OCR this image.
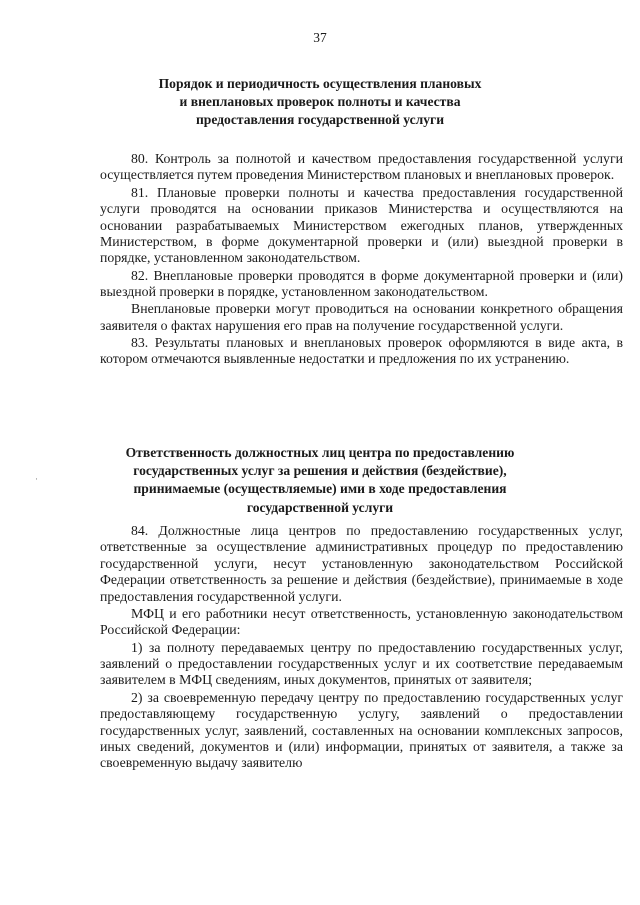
37
Порядок и периодичность осуществления плановых
и внеплановых проверок полноты и качества
предоставления государственной услуги

80. Контроль за полнотой и качеством предоставления государственной услуги осуществляется путем проведения Министерством плановых и внеплановых проверок.

81. Плановые проверки полноты и качества предоставления государственной услуги проводятся на основании приказов Министерства и осуществляются на основании разрабатываемых Министерством ежегодных планов, утвержденных Министерством, в форме документарной проверки и (или) выездной проверки в порядке, установленном законодательством.

82. Внеплановые проверки проводятся в форме документарной проверки и (или) выездной проверки в порядке, установленном законодательством.

Внеплановые проверки могут проводиться на основании конкретного обращения заявителя о фактах нарушения его прав на получение государственной услуги.

83. Результаты плановых и внеплановых проверок оформляются в виде акта, в котором отмечаются выявленные недостатки и предложения по их устранению.

Ответственность должностных лиц центра по предоставлению
государственных услуг за решения и действия (бездействие),
принимаемые (осуществляемые) ими в ходе предоставления
государственной услуги
·

84. Должностные лица центров по предоставлению государственных услуг, ответственные за осуществление административных процедур по предоставлению государственной услуги, несут установленную законодательством Российской Федерации ответственность за решение и действия (бездействие), принимаемые в ходе предоставления государственной услуги.

МФЦ и его работники несут ответственность, установленную законодательством Российской Федерации:

1) за полноту передаваемых центру по предоставлению государственных услуг, заявлений о предоставлении государственных услуг и их соответствие передаваемым заявителем в МФЦ сведениям, иных документов, принятых от заявителя;

2) за своевременную передачу центру по предоставлению государственных услуг предоставляющему государственную услугу, заявлений о предоставлении государственных услуг, заявлений, составленных на основании комплексных запросов, иных сведений, документов и (или) информации, принятых от заявителя, а также за своевременную выдачу заявителю
